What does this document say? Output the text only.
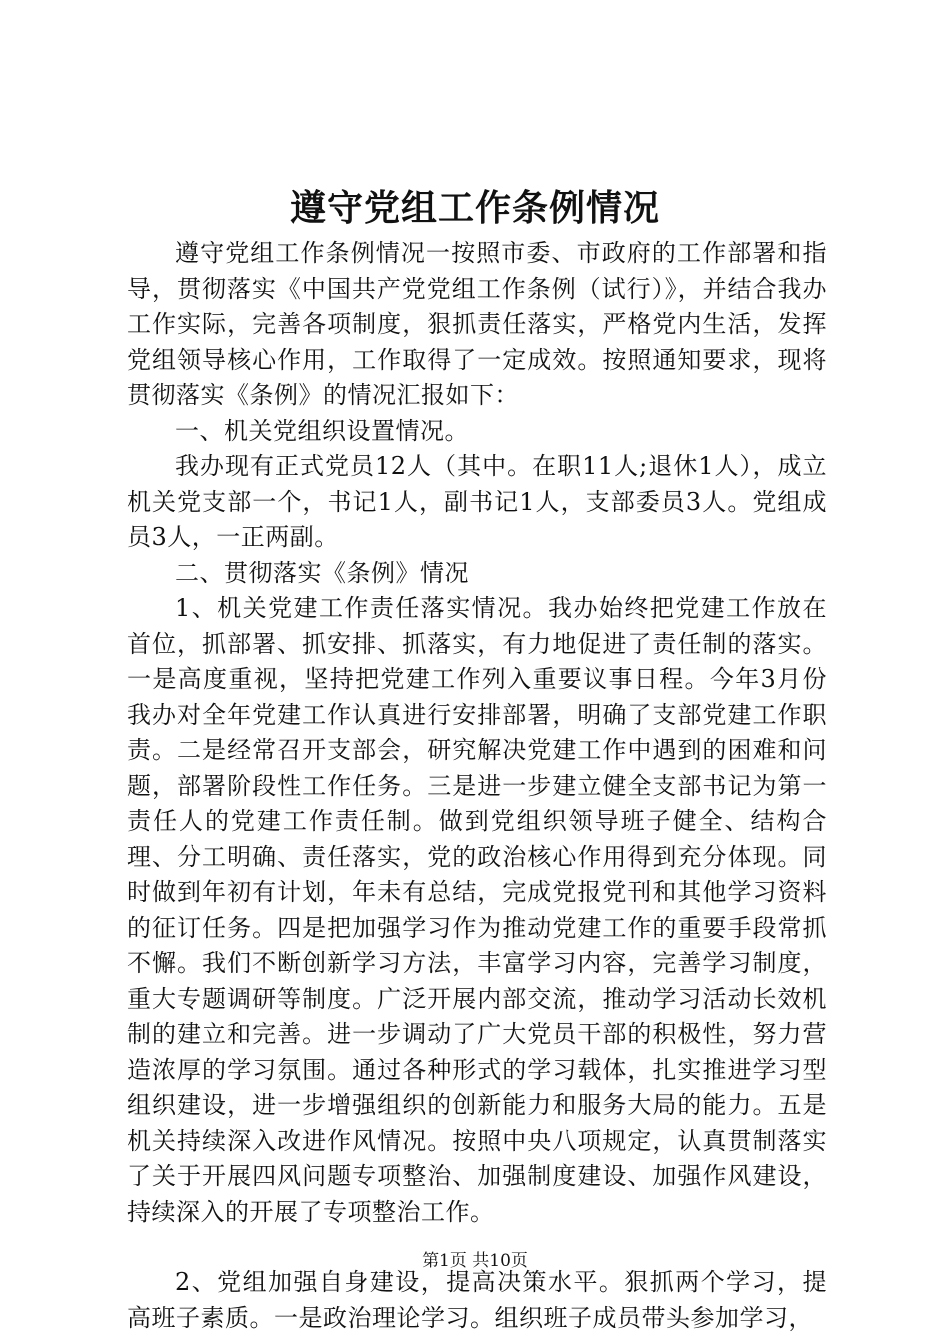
遵守党组工作条例情况

遵守党组工作条例情况一按照市委、市政府的工作部署和指导，贯彻落实《中国共产党党组工作条例（试行）》，并结合我办工作实际，完善各项制度，狠抓责任落实，严格党内生活，发挥党组领导核心作用，工作取得了一定成效。按照通知要求，现将贯彻落实《条例》的情况汇报如下：

一、机关党组织设置情况。

我办现有正式党员12人（其中。在职11人;退休1人），成立机关党支部一个，书记1人，副书记1人，支部委员3人。党组成员3人，一正两副。

二、贯彻落实《条例》情况

1、机关党建工作责任落实情况。我办始终把党建工作放在首位，抓部署、抓安排、抓落实，有力地促进了责任制的落实。一是高度重视，坚持把党建工作列入重要议事日程。今年3月份我办对全年党建工作认真进行安排部署，明确了支部党建工作职责。二是经常召开支部会，研究解决党建工作中遇到的困难和问题，部署阶段性工作任务。三是进一步建立健全支部书记为第一责任人的党建工作责任制。做到党组织领导班子健全、结构合理、分工明确、责任落实，党的政治核心作用得到充分体现。同时做到年初有计划，年未有总结，完成党报党刊和其他学习资料的征订任务。四是把加强学习作为推动党建工作的重要手段常抓不懈。我们不断创新学习方法，丰富学习内容，完善学习制度，重大专题调研等制度。广泛开展内部交流，推动学习活动长效机制的建立和完善。进一步调动了广大党员干部的积极性，努力营造浓厚的学习氛围。通过各种形式的学习载体，扎实推进学习型组织建设，进一步增强组织的创新能力和服务大局的能力。五是机关持续深入改进作风情况。按照中央八项规定，认真贯制落实了关于开展四风问题专项整治、加强制度建设、加强作风建设，持续深入的开展了专项整治工作。

2、党组加强自身建设，提高决策水平。狠抓两个学习，提高班子素质。一是政治理论学习。组织班子成员带头参加学习，

第1页 共10页
